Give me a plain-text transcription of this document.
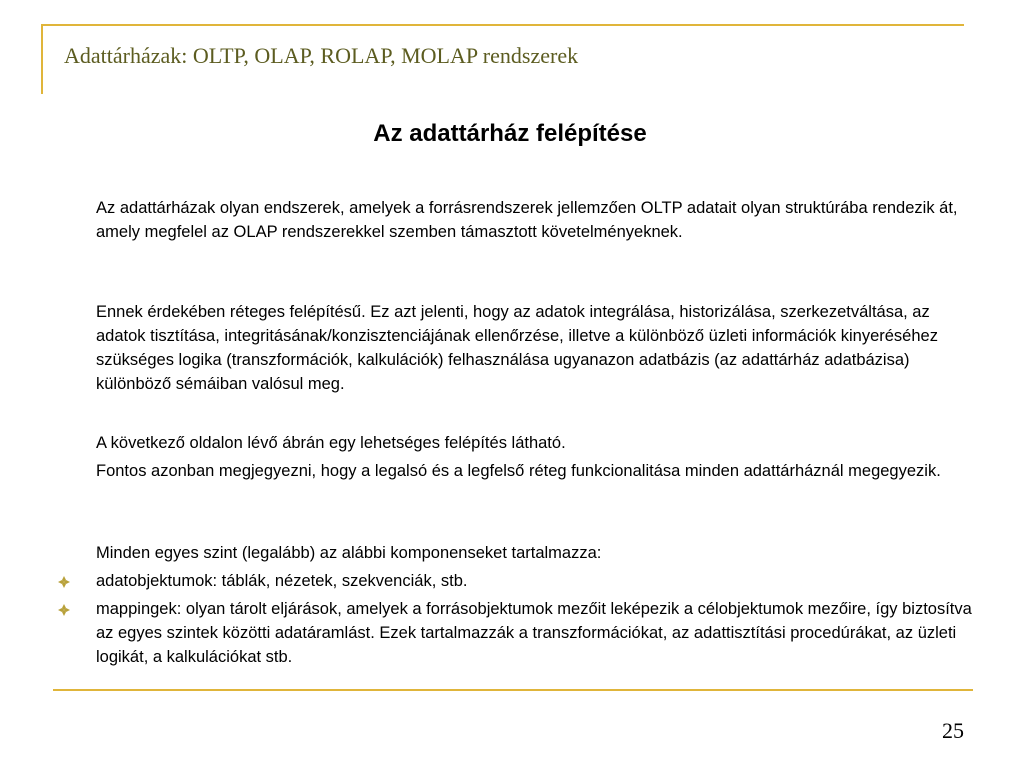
Adattárházak: OLTP, OLAP, ROLAP, MOLAP rendszerek
Az adattárház felépítése
Az adattárházak olyan endszerek, amelyek a forrásrendszerek jellemzően OLTP adatait olyan struktúrába rendezik át, amely megfelel az OLAP rendszerekkel szemben támasztott követelményeknek.
Ennek érdekében réteges felépítésű. Ez azt jelenti, hogy az adatok integrálása, historizálása, szerkezetváltása, az adatok tisztítása, integritásának/konzisztenciájának ellenőrzése, illetve a különböző üzleti információk kinyeréséhez szükséges logika (transzformációk, kalkulációk) felhasználása ugyanazon adatbázis (az adattárház adatbázisa) különböző sémáiban valósul meg.
A következő oldalon lévő ábrán egy lehetséges felépítés látható.
Fontos azonban megjegyezni, hogy a legalsó és a legfelső réteg funkcionalitása minden adattárháznál megegyezik.
Minden egyes szint (legalább) az alábbi komponenseket tartalmazza:
adatobjektumok: táblák, nézetek, szekvenciák, stb.
mappingek: olyan tárolt eljárások, amelyek a forrásobjektumok mezőit leképezik a célobjektumok mezőire, így biztosítva az egyes szintek közötti adatáramlást. Ezek tartalmazzák a transzformációkat, az adattisztítási procedúrákat, az üzleti logikát, a kalkulációkat stb.
25
